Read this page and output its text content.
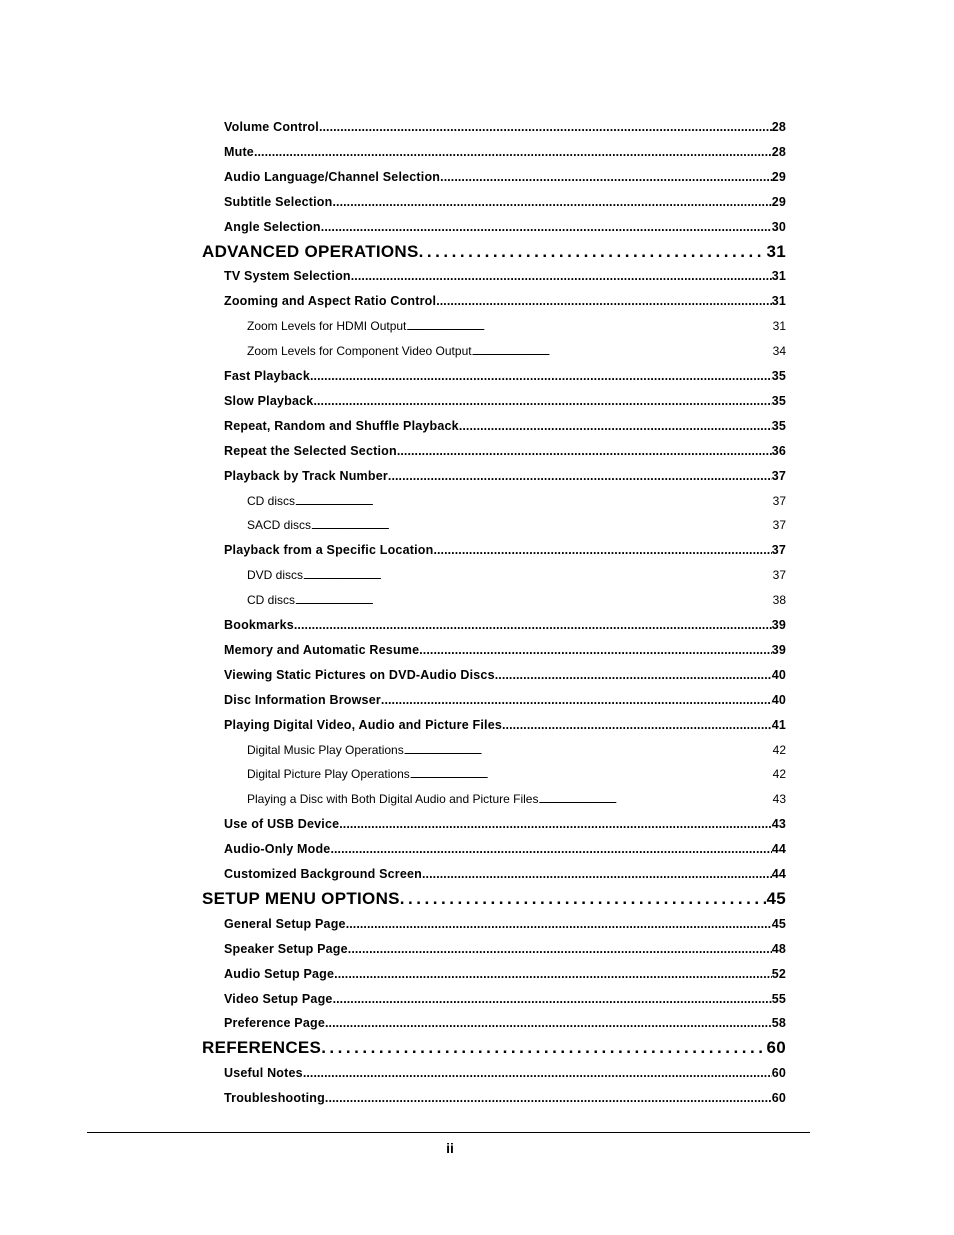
Volume Control . . .	28
Mute . . .	28
Audio Language/Channel Selection . . .	29
Subtitle Selection . . .	29
Angle Selection . . .	30
ADVANCED OPERATIONS . . .	31
TV System Selection . . .	31
Zooming and Aspect Ratio Control . . .	31
Zoom Levels for HDMI Output . . .	31
Zoom Levels for Component Video Output . . .	34
Fast Playback . . .	35
Slow Playback . . .	35
Repeat, Random and Shuffle Playback . . .	35
Repeat the Selected Section . . .	36
Playback by Track Number . . .	37
CD discs . . .	37
SACD discs . . .	37
Playback from a Specific Location . . .	37
DVD discs . . .	37
CD discs . . .	38
Bookmarks . . .	39
Memory and Automatic Resume . . .	39
Viewing Static Pictures on DVD-Audio Discs . . .	40
Disc Information Browser . . .	40
Playing Digital Video, Audio and Picture Files . . .	41
Digital Music Play Operations . . .	42
Digital Picture Play Operations . . .	42
Playing a Disc with Both Digital Audio and Picture Files . . .	43
Use of USB Device . . .	43
Audio-Only Mode . . .	44
Customized Background Screen . . .	44
SETUP MENU OPTIONS . . .	45
General Setup Page . . .	45
Speaker Setup Page . . .	48
Audio Setup Page . . .	52
Video Setup Page . . .	55
Preference Page . . .	58
REFERENCES . . .	60
Useful Notes . . .	60
Troubleshooting . . .	60
ii
